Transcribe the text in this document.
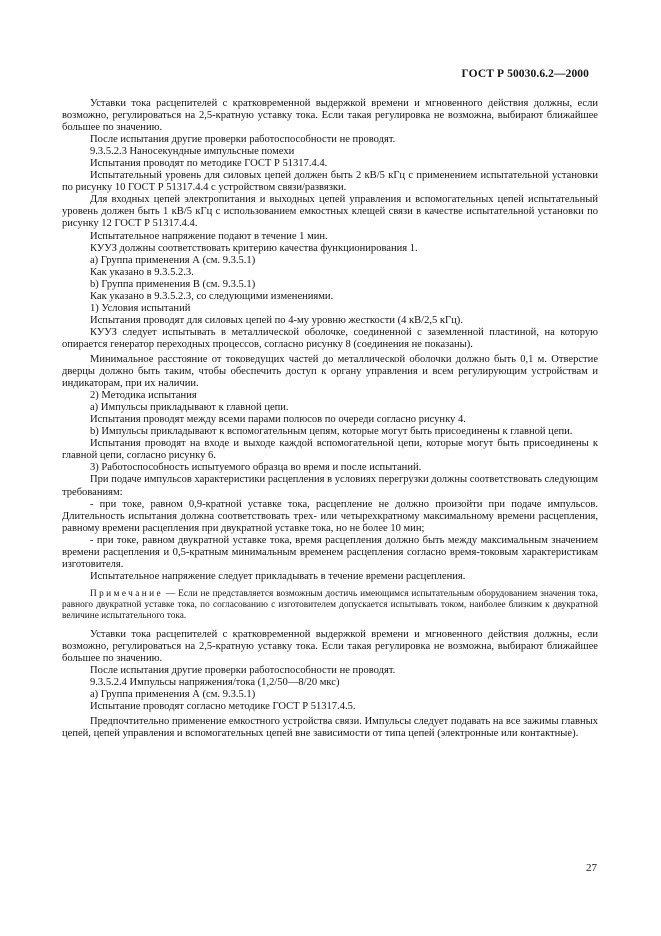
ГОСТ Р 50030.6.2—2000

Уставки тока расцепителей с кратковременной выдержкой времени и мгновенного действия должны, если возможно, регулироваться на 2,5-кратную уставку тока. Если такая регулировка не возможна, выбирают ближайшее большее по значению.

После испытания другие проверки работоспособности не проводят.

9.3.5.2.3 Наносекундные импульсные помехи

Испытания проводят по методике ГОСТ Р 51317.4.4.

Испытательный уровень для силовых цепей должен быть 2 кВ/5 кГц с применением испытательной установки по рисунку 10 ГОСТ Р 51317.4.4 с устройством связи/развязки.

Для входных цепей электропитания и выходных цепей управления и вспомогательных цепей испытательный уровень должен быть 1 кВ/5 кГц с использованием емкостных клещей связи в качестве испытательной установки по рисунку 12 ГОСТ Р 51317.4.4.

Испытательное напряжение подают в течение 1 мин.

КУУЗ должны соответствовать критерию качества функционирования 1.

а) Группа применения А (см. 9.3.5.1)

Как указано в 9.3.5.2.3.

b) Группа применения В (см. 9.3.5.1)

Как указано в 9.3.5.2.3, со следующими изменениями.

1) Условия испытаний

Испытания проводят для силовых цепей по 4-му уровню жесткости (4 кВ/2,5 кГц).

КУУЗ следует испытывать в металлической оболочке, соединенной с заземленной пластиной, на которую опирается генератор переходных процессов, согласно рисунку 8 (соединения не показаны).

Минимальное расстояние от токоведущих частей до металлической оболочки должно быть 0,1 м. Отверстие дверцы должно быть таким, чтобы обеспечить доступ к органу управления и всем регулирующим устройствам и индикаторам, при их наличии.

2) Методика испытания

а) Импульсы прикладывают к главной цепи.

Испытания проводят между всеми парами полюсов по очереди согласно рисунку 4.

b) Импульсы прикладывают к вспомогательным цепям, которые могут быть присоединены к главной цепи.

Испытания проводят на входе и выходе каждой вспомогательной цепи, которые могут быть присоединены к главной цепи, согласно рисунку 6.

3) Работоспособность испытуемого образца во время и после испытаний.

При подаче импульсов характеристики расцепления в условиях перегрузки должны соответствовать следующим требованиям:

- при токе, равном 0,9-кратной уставке тока, расцепление не должно произойти при подаче импульсов. Длительность испытания должна соответствовать трех- или четырехкратному максимальному времени расцепления, равному времени расцепления при двукратной уставке тока, но не более 10 мин;

- при токе, равном двукратной уставке тока, время расцепления должно быть между максимальным значением времени расцепления и 0,5-кратным минимальным временем расцепления согласно время-токовым характеристикам изготовителя.

Испытательное напряжение следует прикладывать в течение времени расцепления.

Примечание — Если не представляется возможным достичь имеющимся испытательным оборудованием значения тока, равного двукратной уставке тока, по согласованию с изготовителем допускается испытывать током, наиболее близким к двукратной величине испытательного тока.

Уставки тока расцепителей с кратковременной выдержкой времени и мгновенного действия должны, если возможно, регулироваться на 2,5-кратную уставку тока. Если такая регулировка не возможна, выбирают ближайшее большее по значению.

После испытания другие проверки работоспособности не проводят.

9.3.5.2.4 Импульсы напряжения/тока (1,2/50—8/20 мкс)

а) Группа применения А (см. 9.3.5.1)

Испытание проводят согласно методике ГОСТ Р 51317.4.5.

Предпочтительно применение емкостного устройства связи. Импульсы следует подавать на все зажимы главных цепей, цепей управления и вспомогательных цепей вне зависимости от типа цепей (электронные или контактные).

27
